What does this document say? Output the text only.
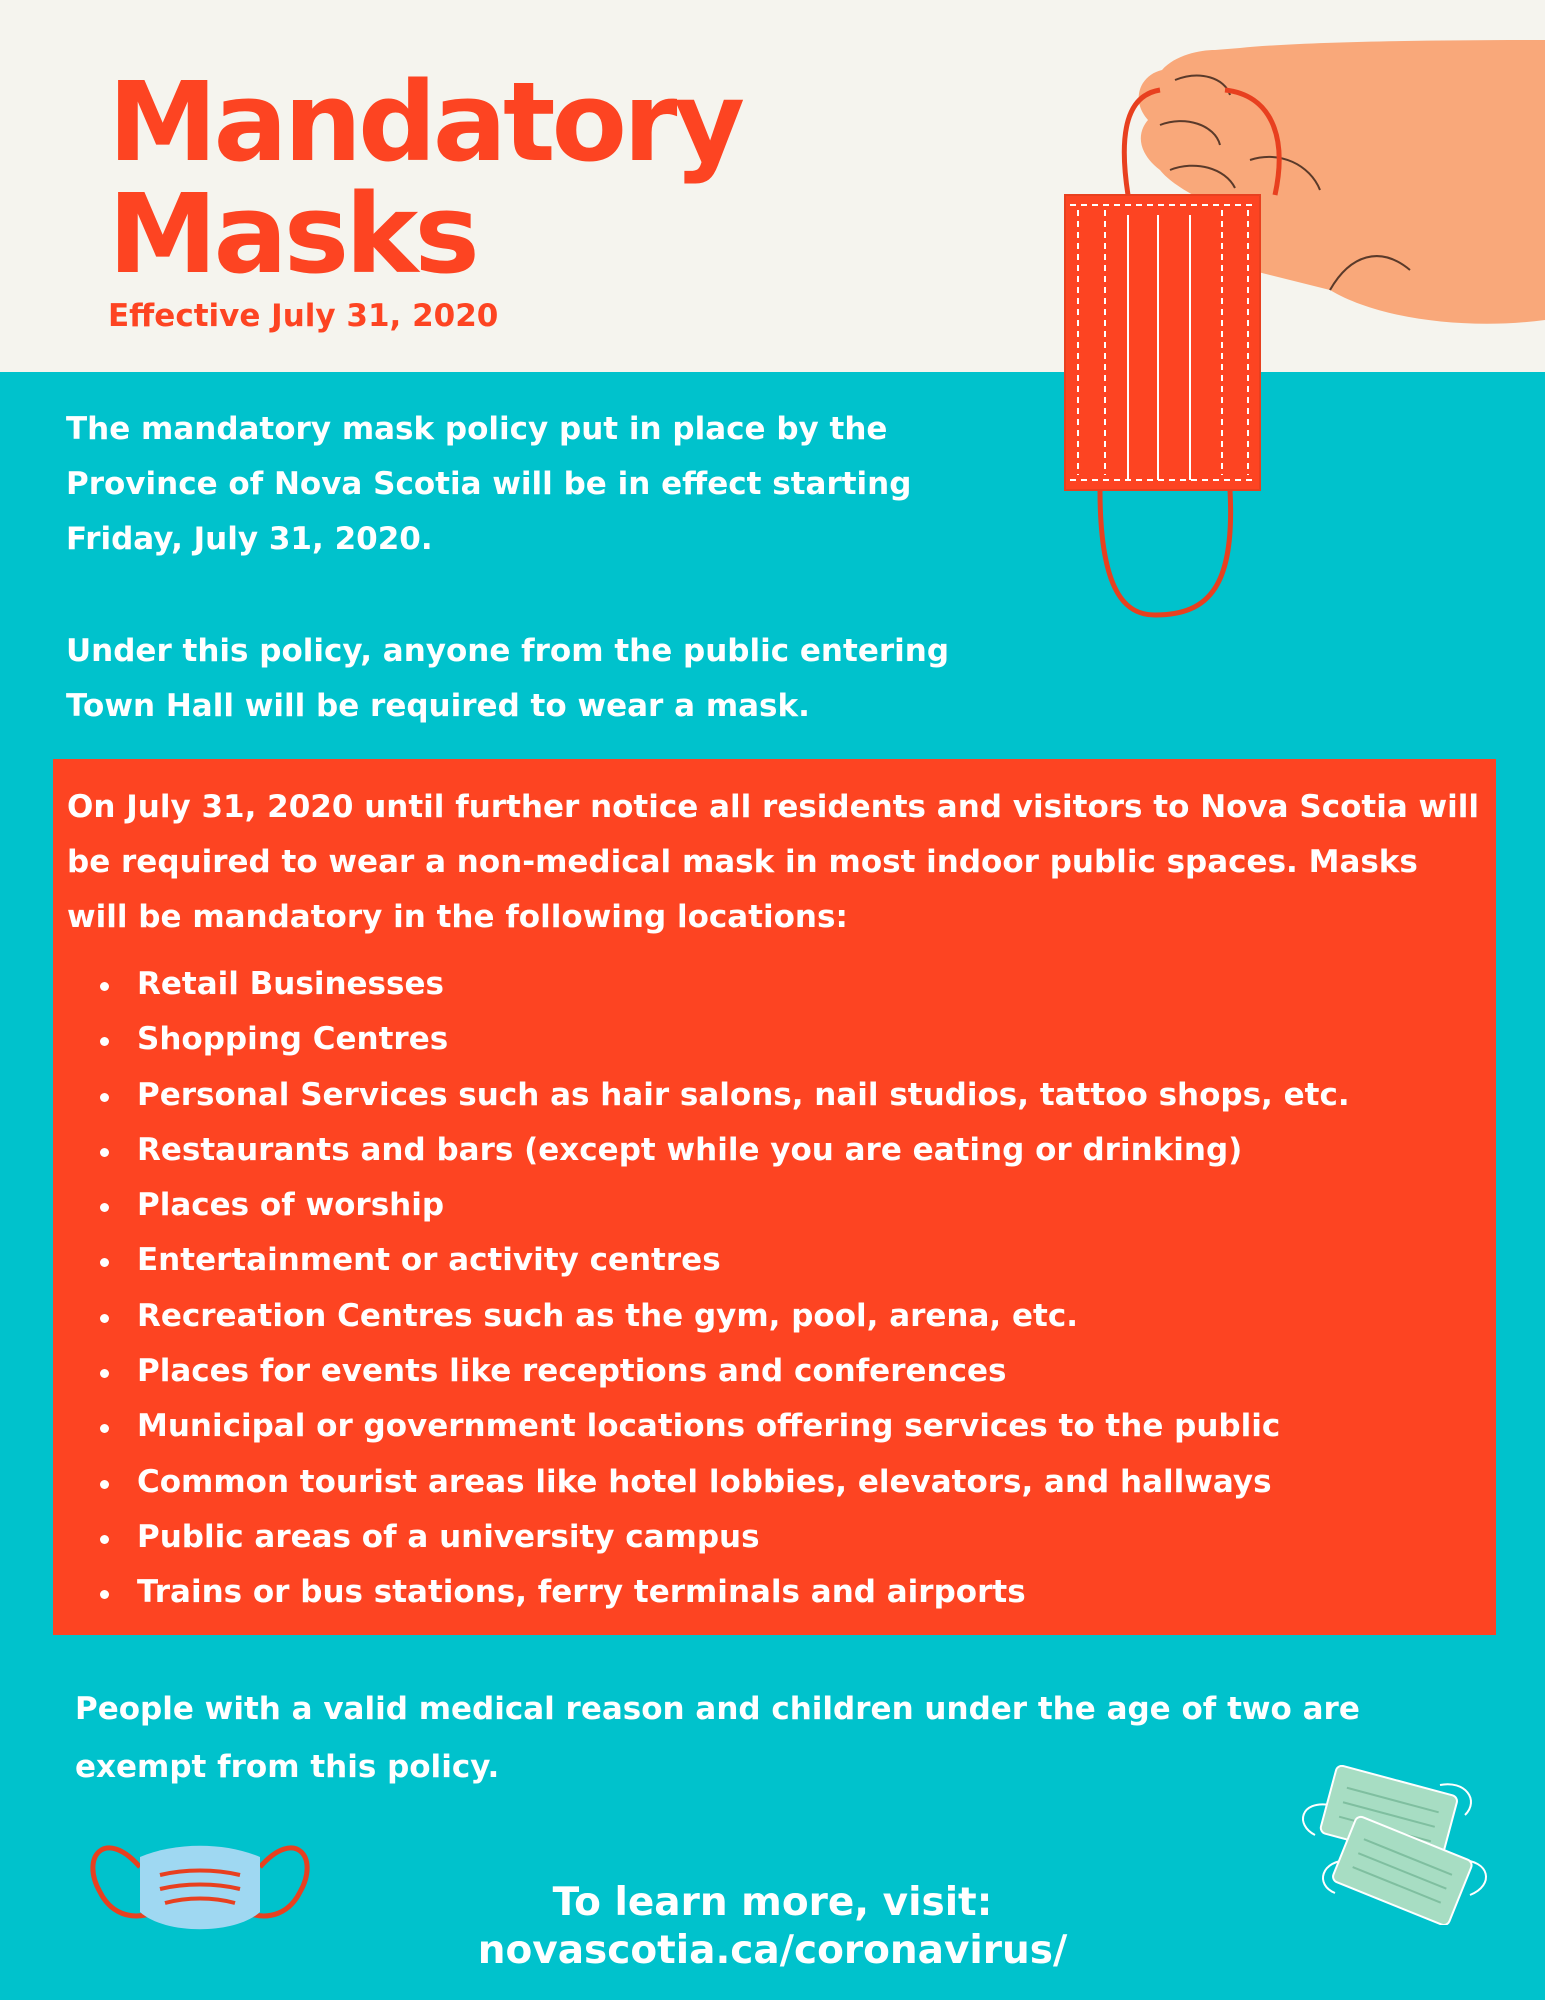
Mandatory
Masks
Effective July 31, 2020
The mandatory mask policy put in place by the Province of Nova Scotia will be in effect starting Friday, July 31, 2020.
Under this policy, anyone from the public entering Town Hall will be required to wear a mask.
On July 31, 2020 until further notice all residents and visitors to Nova Scotia will be required to wear a non-medical mask in most indoor public spaces. Masks will be mandatory in the following locations:
Retail Businesses
Shopping Centres
Personal Services such as hair salons, nail studios, tattoo shops, etc.
Restaurants and bars (except while you are eating or drinking)
Places of worship
Entertainment or activity centres
Recreation Centres such as the gym, pool, arena, etc.
Places for events like receptions and conferences
Municipal or government locations offering services to the public
Common tourist areas like hotel lobbies, elevators, and hallways
Public areas of a university campus
Trains or bus stations, ferry terminals and airports
People with a valid medical reason and children under the age of two are exempt from this policy.
To learn more, visit:
novascotia.ca/coronavirus/
